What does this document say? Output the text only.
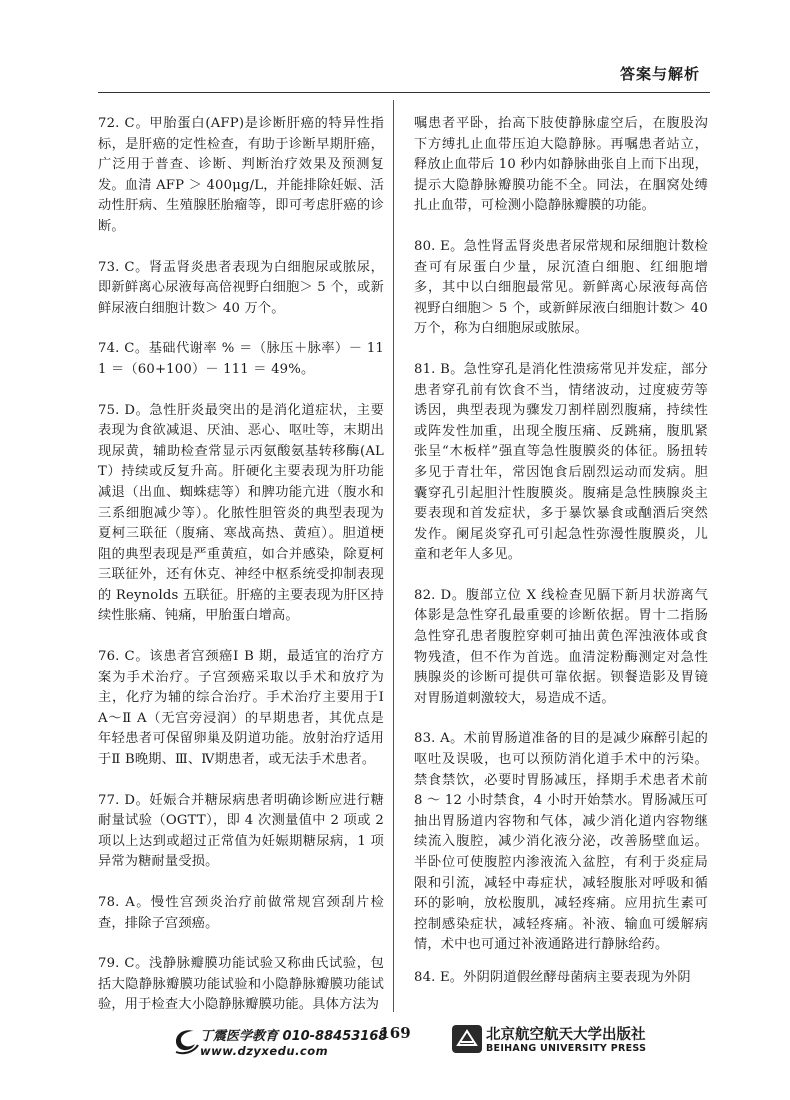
答案与解析

72. C。甲胎蛋白(AFP)是诊断肝癌的特异性指标，是肝癌的定性检查，有助于诊断早期肝癌，广泛用于普查、诊断、判断治疗效果及预测复发。血清 AFP ＞ 400μg/L，并能排除妊娠、活动性肝病、生殖腺胚胎瘤等，即可考虑肝癌的诊断。

73. C。肾盂肾炎患者表现为白细胞尿或脓尿，即新鲜离心尿液每高倍视野白细胞＞ 5 个，或新鲜尿液白细胞计数＞ 40 万个。

74. C。基础代谢率 % ＝（脉压＋脉率）－ 111 ＝（60+100）－ 111 ＝ 49%。

75. D。急性肝炎最突出的是消化道症状，主要表现为食欲减退、厌油、恶心、呕吐等，末期出现尿黄，辅助检查常显示丙氨酸氨基转移酶(ALT）持续或反复升高。肝硬化主要表现为肝功能减退（出血、蜘蛛痣等）和脾功能亢进（腹水和三系细胞减少等）。化脓性胆管炎的典型表现为夏柯三联征（腹痛、寒战高热、黄疸）。胆道梗阻的典型表现是严重黄疸，如合并感染，除夏柯三联征外，还有休克、神经中枢系统受抑制表现的 Reynolds 五联征。肝癌的主要表现为肝区持续性胀痛、钝痛，甲胎蛋白增高。

76. C。该患者宫颈癌Ⅰ B 期，最适宜的治疗方案为手术治疗。子宫颈癌采取以手术和放疗为主，化疗为辅的综合治疗。手术治疗主要用于Ⅰ A～Ⅱ A（无宫旁浸润）的早期患者，其优点是年轻患者可保留卵巢及阴道功能。放射治疗适用于Ⅱ B晚期、Ⅲ、Ⅳ期患者，或无法手术患者。

77. D。妊娠合并糖尿病患者明确诊断应进行糖耐量试验（OGTT），即 4 次测量值中 2 项或 2 项以上达到或超过正常值为妊娠期糖尿病，1 项异常为糖耐量受损。

78. A。慢性宫颈炎治疗前做常规宫颈刮片检查，排除子宫颈癌。

79. C。浅静脉瓣膜功能试验又称曲氏试验，包括大隐静脉瓣膜功能试验和小隐静脉瓣膜功能试验，用于检查大小隐静脉瓣膜功能。具体方法为

嘱患者平卧，抬高下肢使静脉虚空后，在腹股沟下方缚扎止血带压迫大隐静脉。再嘱患者站立，释放止血带后 10 秒内如静脉曲张自上而下出现，提示大隐静脉瓣膜功能不全。同法，在腘窝处缚扎止血带，可检测小隐静脉瓣膜的功能。

80. E。急性肾盂肾炎患者尿常规和尿细胞计数检查可有尿蛋白少量，尿沉渣白细胞、红细胞增多，其中以白细胞最常见。新鲜离心尿液每高倍视野白细胞＞ 5 个，或新鲜尿液白细胞计数＞ 40 万个，称为白细胞尿或脓尿。

81. B。急性穿孔是消化性溃疡常见并发症，部分患者穿孔前有饮食不当，情绪波动，过度疲劳等诱因，典型表现为骤发刀割样剧烈腹痛，持续性或阵发性加重，出现全腹压痛、反跳痛，腹肌紧张呈“木板样”强直等急性腹膜炎的体征。肠扭转多见于青壮年，常因饱食后剧烈运动而发病。胆囊穿孔引起胆汁性腹膜炎。腹痛是急性胰腺炎主要表现和首发症状，多于暴饮暴食或酗酒后突然发作。阑尾炎穿孔可引起急性弥漫性腹膜炎，儿童和老年人多见。

82. D。腹部立位 X 线检查见膈下新月状游离气体影是急性穿孔最重要的诊断依据。胃十二指肠急性穿孔患者腹腔穿刺可抽出黄色浑浊液体或食物残渣，但不作为首选。血清淀粉酶测定对急性胰腺炎的诊断可提供可靠依据。钡餐造影及胃镜对胃肠道刺激较大，易造成不适。

83. A。术前胃肠道准备的目的是减少麻醉引起的呕吐及误吸，也可以预防消化道手术中的污染。禁食禁饮，必要时胃肠减压，择期手术患者术前 8 ～ 12 小时禁食，4 小时开始禁水。胃肠减压可抽出胃肠道内容物和气体，减少消化道内容物继续流入腹腔，减少消化液分泌，改善肠壁血运。半卧位可使腹腔内渗液流入盆腔，有利于炎症局限和引流，减轻中毒症状，减轻腹胀对呼吸和循环的影响，放松腹肌，减轻疼痛。应用抗生素可控制感染症状，减轻疼痛。补液、输血可缓解病情，术中也可通过补液通路进行静脉给药。

84. E。外阴阴道假丝酵母菌病主要表现为外阴

丁震医学教育 010-88453168
www.dzyxedu.com
169	北京航空航天大学出版社
BEIHANG UNIVERSITY PRESS
